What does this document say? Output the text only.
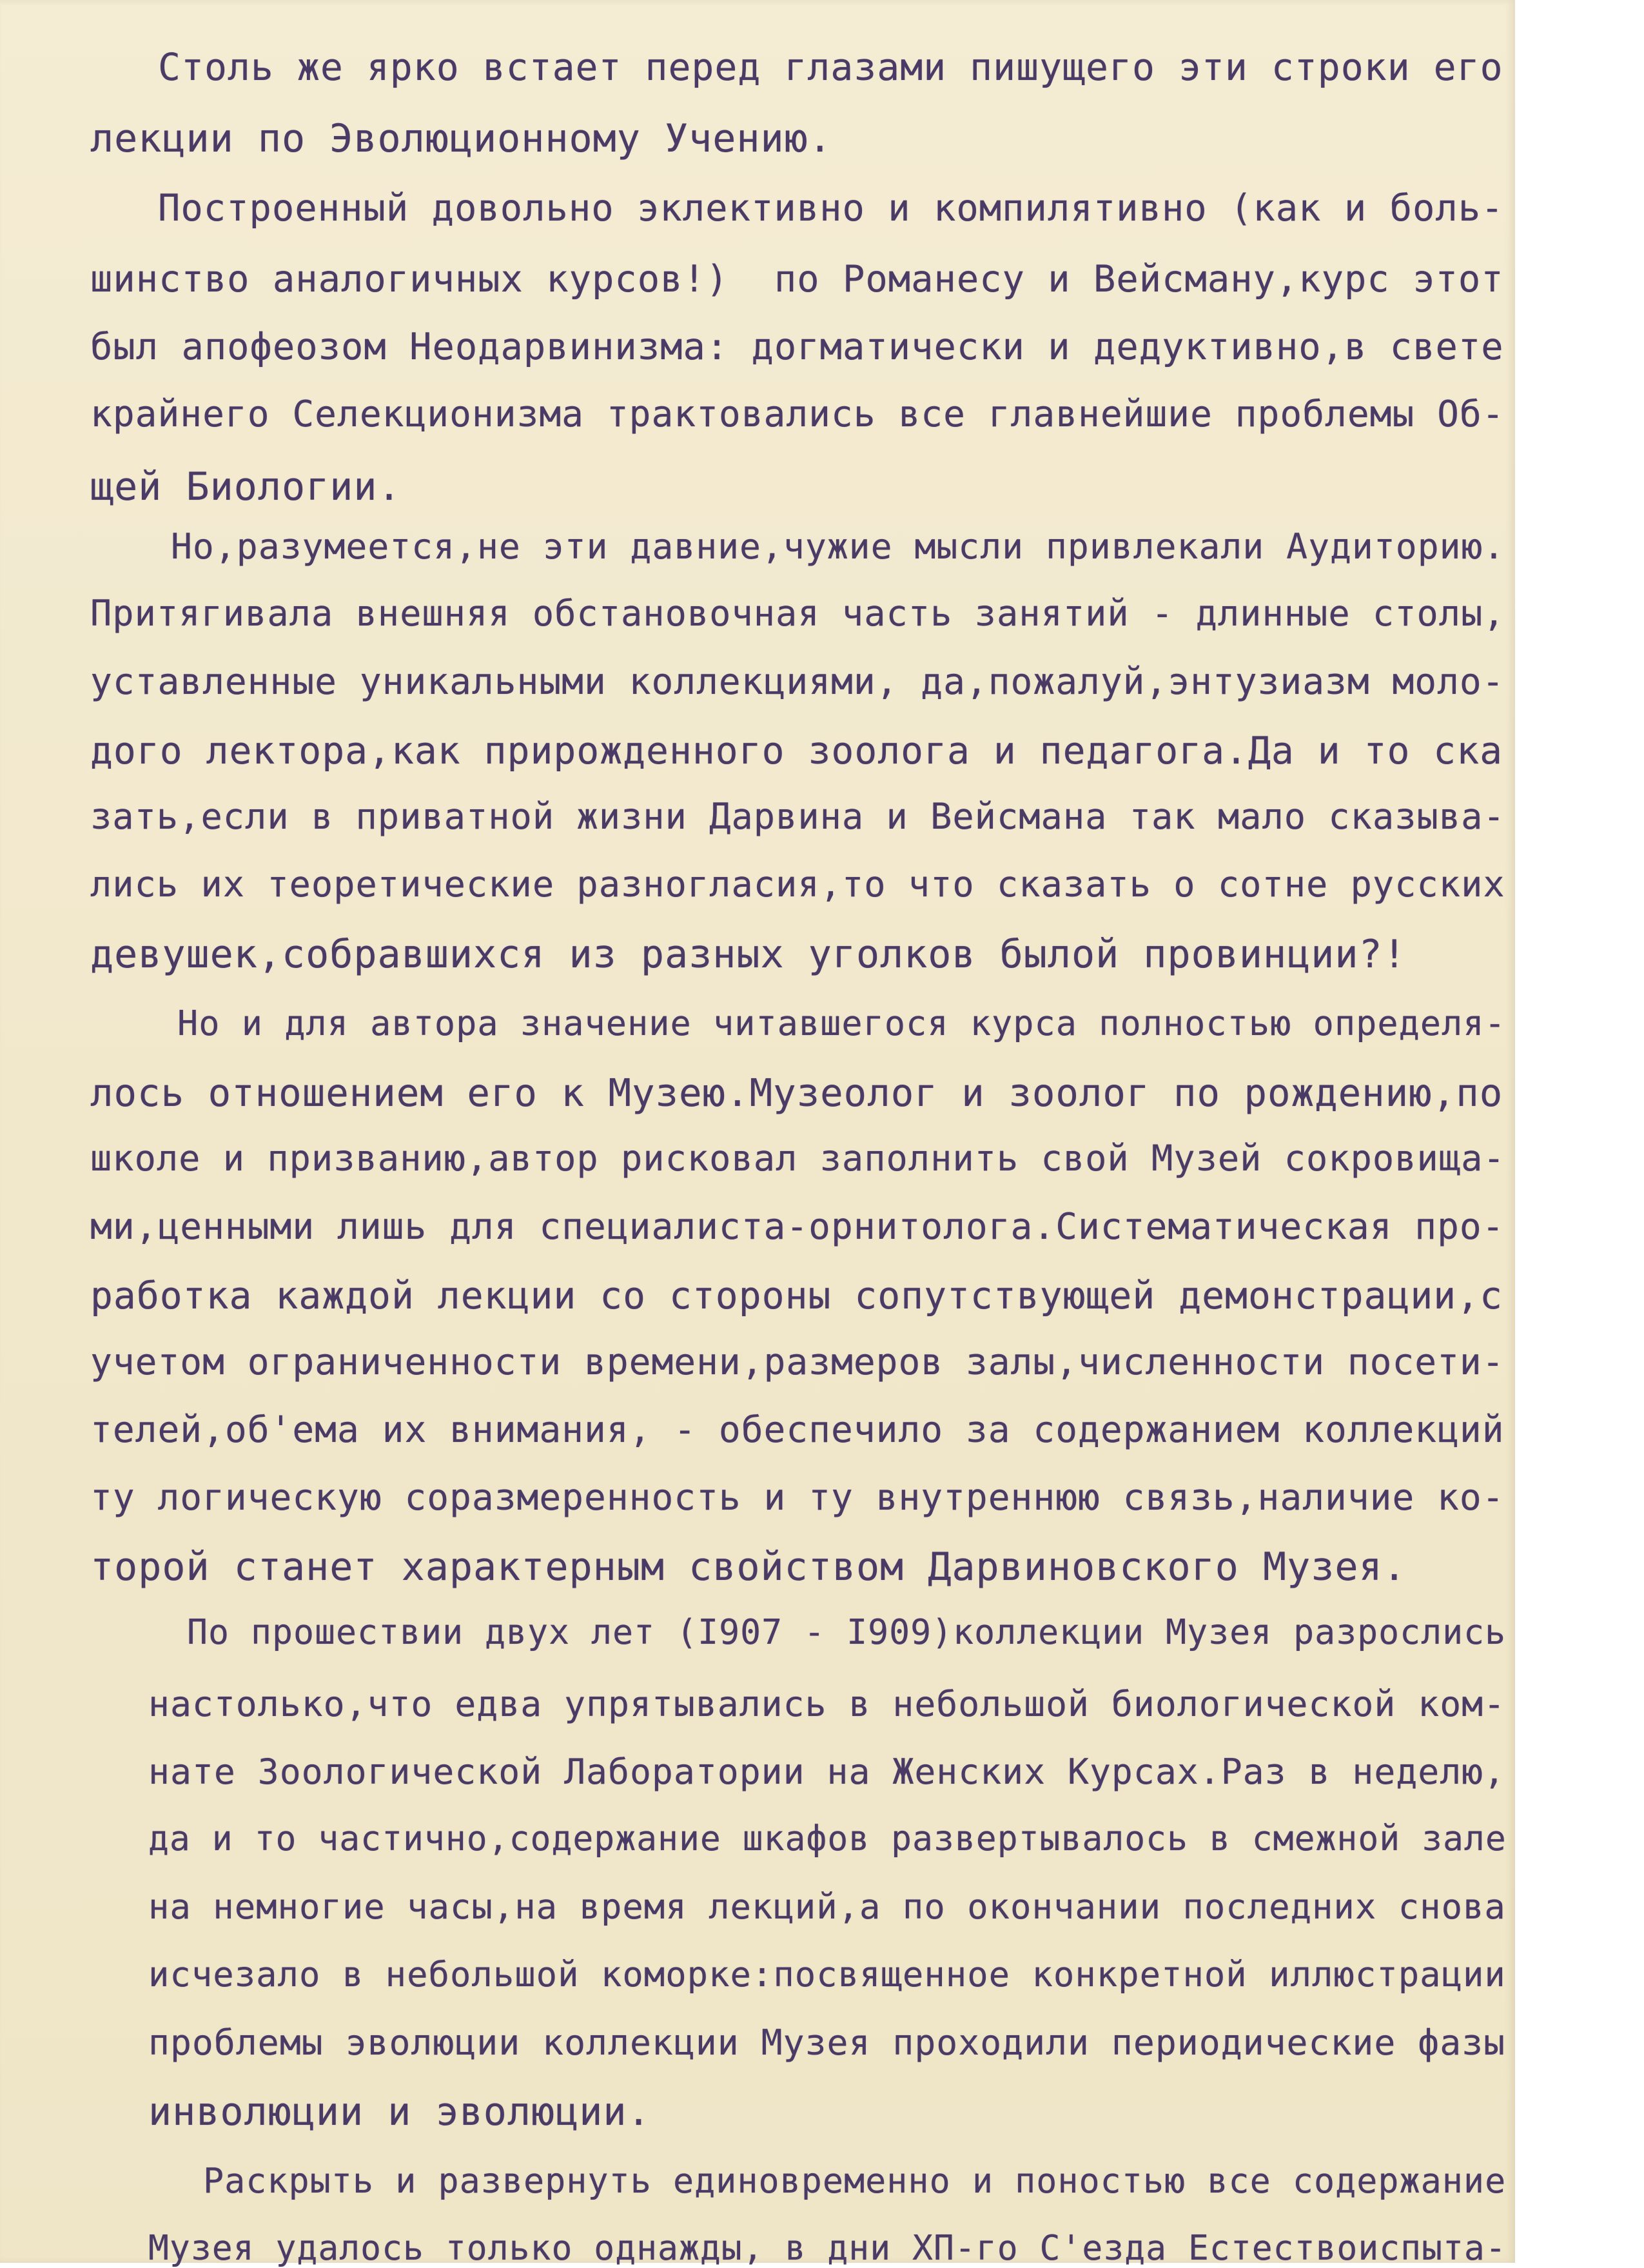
Столь же ярко встает перед глазами пишущего эти строки его
лекции по Эволюционному Учению.
Построенный довольно эклективно и компилятивно (как и боль-
шинство аналогичных курсов!)  по Романесу и Вейсману,курс этот
был апофеозом Неодарвинизма: догматически и дедуктивно,в свете
крайнего Селекционизма трактовались все главнейшие проблемы Об-
щей Биологии.
Но,разумеется,не эти давние,чужие мысли привлекали Аудиторию.
Притягивала внешняя обстановочная часть занятий - длинные столы,
уставленные уникальными коллекциями, да,пожалуй,энтузиазм моло-
дого лектора,как прирожденного зоолога и педагога.Да и то ска
зать,если в приватной жизни Дарвина и Вейсмана так мало сказыва-
лись их теоретические разногласия,то что сказать о сотне русских
девушек,собравшихся из разных уголков былой провинции?!
Но и для автора значение читавшегося курса полностью определя-
лось отношением его к Музею.Музеолог и зоолог по рождению,по
школе и призванию,автор рисковал заполнить свой Музей сокровища-
ми,ценными лишь для специалиста-орнитолога.Систематическая про-
работка каждой лекции со стороны сопутствующей демонстрации,с
учетом ограниченности времени,размеров залы,численности посети-
телей,об'ема их внимания, - обеспечило за содержанием коллекций
ту логическую соразмеренность и ту внутреннюю связь,наличие ко-
торой станет характерным свойством Дарвиновского Музея.
По прошествии двух лет (I907 - I909)коллекции Музея разрослись
настолько,что едва упрятывались в небольшой биологической ком-
нате Зоологической Лаборатории на Женских Курсах.Раз в неделю,
да и то частично,содержание шкафов развертывалось в смежной зале
на немногие часы,на время лекций,а по окончании последних снова
исчезало в небольшой коморке:посвященное конкретной иллюстрации
проблемы эволюции коллекции Музея проходили периодические фазы
инволюции и эволюции.
Раскрыть и развернуть единовременно и поностью все содержание
Музея удалось только однажды, в дни ХП-го С'езда Естествоиспыта-
